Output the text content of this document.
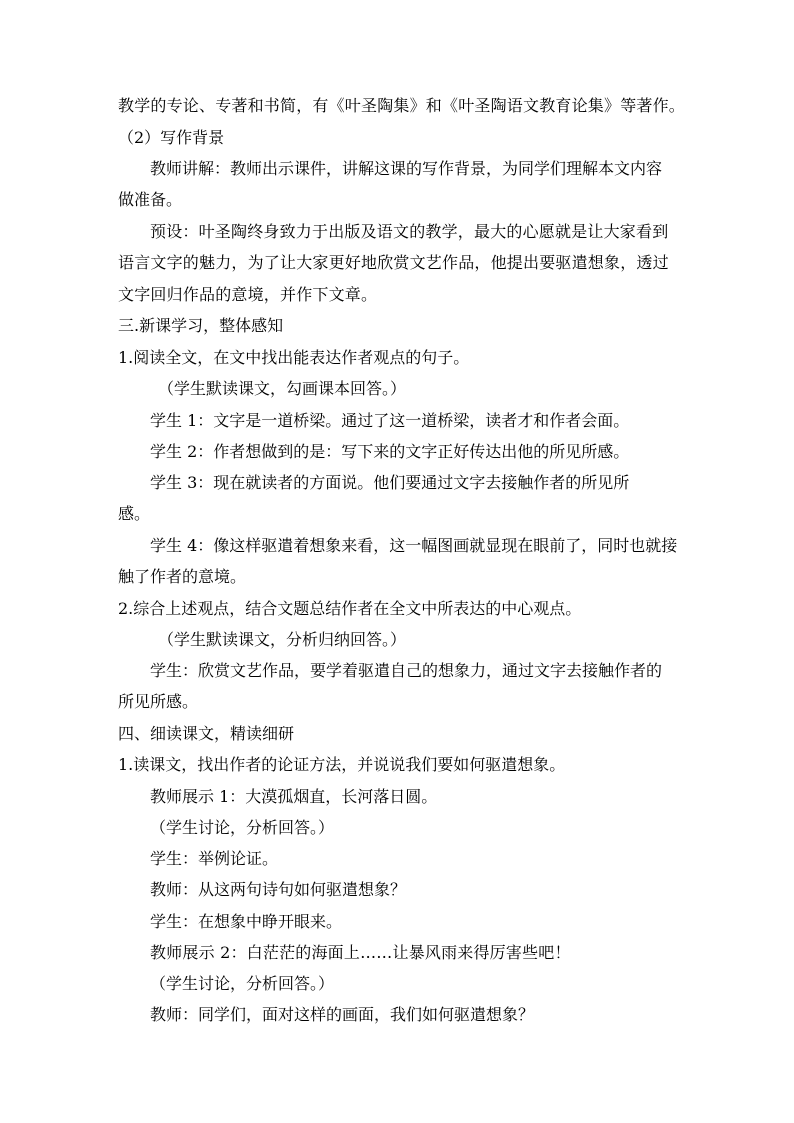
教学的专论、专著和书简，有《叶圣陶集》和《叶圣陶语文教育论集》等著作。
（2）写作背景
教师讲解：教师出示课件，讲解这课的写作背景，为同学们理解本文内容
做准备。
预设：叶圣陶终身致力于出版及语文的教学，最大的心愿就是让大家看到
语言文字的魅力，为了让大家更好地欣赏文艺作品，他提出要驱遣想象，透过
文字回归作品的意境，并作下文章。
三.新课学习，整体感知
1.阅读全文，在文中找出能表达作者观点的句子。
（学生默读课文，勾画课本回答。）
学生 1：文字是一道桥梁。通过了这一道桥梁，读者才和作者会面。
学生 2：作者想做到的是：写下来的文字正好传达出他的所见所感。
学生 3：现在就读者的方面说。他们要通过文字去接触作者的所见所
感。
学生 4：像这样驱遣着想象来看，这一幅图画就显现在眼前了，同时也就接
触了作者的意境。
2.综合上述观点，结合文题总结作者在全文中所表达的中心观点。
（学生默读课文，分析归纳回答。）
学生：欣赏文艺作品，要学着驱遣自己的想象力，通过文字去接触作者的
所见所感。
四、细读课文，精读细研
1.读课文，找出作者的论证方法，并说说我们要如何驱遣想象。
教师展示 1：大漠孤烟直，长河落日圆。
（学生讨论，分析回答。）
学生：举例论证。
教师：从这两句诗句如何驱遣想象？
学生：在想象中睁开眼来。
教师展示 2：白茫茫的海面上……让暴风雨来得厉害些吧！
（学生讨论，分析回答。）
教师：同学们，面对这样的画面，我们如何驱遣想象？
